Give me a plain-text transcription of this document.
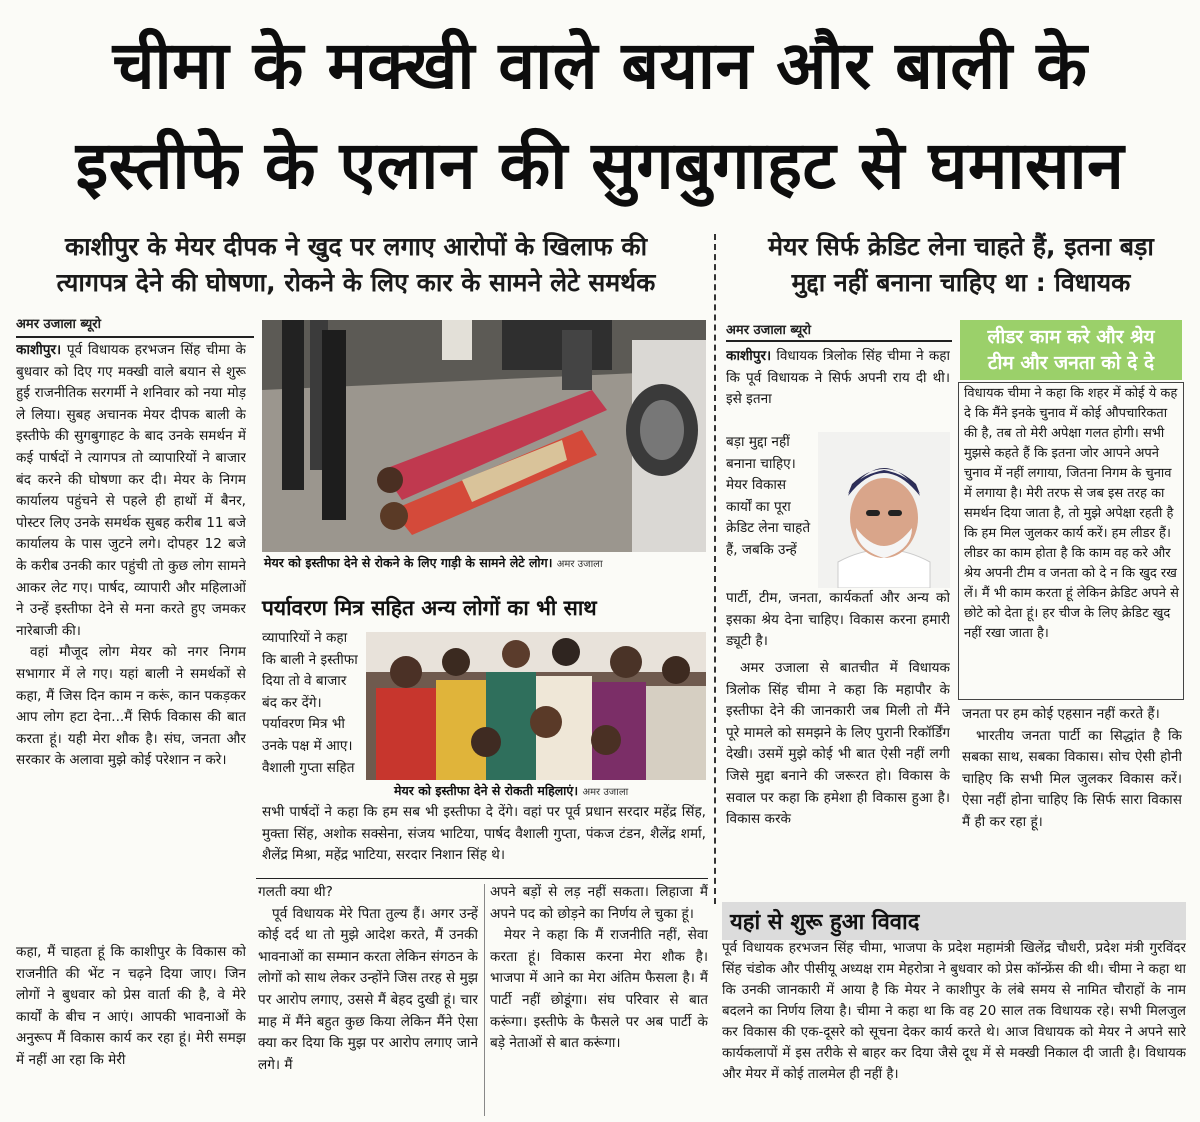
चीमा के मक्खी वाले बयान और बाली के
इस्तीफे के एलान की सुगबुगाहट से घमासान
काशीपुर के मेयर दीपक ने खुद पर लगाए आरोपों के खिलाफ की
त्यागपत्र देने की घोषणा, रोकने के लिए कार के सामने लेटे समर्थक
मेयर सिर्फ क्रेडिट लेना चाहते हैं, इतना बड़ा
मुद्दा नहीं बनाना चाहिए था : विधायक
अमर उजाला ब्यूरो

काशीपुर। पूर्व विधायक हरभजन सिंह चीमा के बुधवार को दिए गए मक्खी वाले बयान से शुरू हुई राजनीतिक सरगर्मी ने शनिवार को नया मोड़ ले लिया। सुबह अचानक मेयर दीपक बाली के इस्तीफे की सुगबुगाहट के बाद उनके समर्थन में कई पार्षदों ने त्यागपत्र तो व्यापारियों ने बाजार बंद करने की घोषणा कर दी। मेयर के निगम कार्यालय पहुंचने से पहले ही हाथों में बैनर, पोस्टर लिए उनके समर्थक सुबह करीब 11 बजे कार्यालय के पास जुटने लगे। दोपहर 12 बजे के करीब उनकी कार पहुंची तो कुछ लोग सामने आकर लेट गए। पार्षद, व्यापारी और महिलाओं ने उन्हें इस्तीफा देने से मना करते हुए जमकर नारेबाजी की।

वहां मौजूद लोग मेयर को नगर निगम सभागार में ले गए। यहां बाली ने समर्थकों से कहा, मैं जिस दिन काम न करूं, कान पकड़कर आप लोग हटा देना...मैं सिर्फ विकास की बात करता हूं। यही मेरा शौक है। संघ, जनता और सरकार के अलावा मुझे कोई परेशान न करे।

कहा, मैं चाहता हूं कि काशीपुर के विकास को राजनीति की भेंट न चढ़ने दिया जाए। जिन लोगों ने बुधवार को प्रेस वार्ता की है, वे मेरे कार्यों के बीच न आएं। आपकी भावनाओं के अनुरूप मैं विकास कार्य कर रहा हूं। मेरी समझ में नहीं आ रहा कि मेरी

मेयर को इस्तीफा देने से रोकने के लिए गाड़ी के सामने लेटे लोग। अमर उजाला
पर्यावरण मित्र सहित अन्य लोगों का भी साथ

व्यापारियों ने कहा कि बाली ने इस्तीफा दिया तो वे बाजार बंद कर देंगे। पर्यावरण मित्र भी उनके पक्ष में आए। वैशाली गुप्ता सहित

मेयर को इस्तीफा देने से रोकती महिलाएं। अमर उजाला

सभी पार्षदों ने कहा कि हम सब भी इस्तीफा दे देंगे। वहां पर पूर्व प्रधान सरदार महेंद्र सिंह, मुक्ता सिंह, अशोक सक्सेना, संजय भाटिया, पार्षद वैशाली गुप्ता, पंकज टंडन, शैलेंद्र शर्मा, शैलेंद्र मिश्रा, महेंद्र भाटिया, सरदार निशान सिंह थे।

गलती क्या थी?

पूर्व विधायक मेरे पिता तुल्य हैं। अगर उन्हें कोई दर्द था तो मुझे आदेश करते, मैं उनकी भावनाओं का सम्मान करता लेकिन संगठन के लोगों को साथ लेकर उन्होंने जिस तरह से मुझ पर आरोप लगाए, उससे मैं बेहद दुखी हूं। चार माह में मैंने बहुत कुछ किया लेकिन मैंने ऐसा क्या कर दिया कि मुझ पर आरोप लगाए जाने लगे। मैं

अपने बड़ों से लड़ नहीं सकता। लिहाजा मैं अपने पद को छोड़ने का निर्णय ले चुका हूं।

मेयर ने कहा कि मैं राजनीति नहीं, सेवा करता हूं। विकास करना मेरा शौक है। भाजपा में आने का मेरा अंतिम फैसला है। मैं पार्टी नहीं छोडूंगा। संघ परिवार से बात करूंगा। इस्तीफे के फैसले पर अब पार्टी के बड़े नेताओं से बात करूंगा।

अमर उजाला ब्यूरो

काशीपुर। विधायक त्रिलोक सिंह चीमा ने कहा कि पूर्व विधायक ने सिर्फ अपनी राय दी थी। इसे इतना

बड़ा मुद्दा नहीं बनाना चाहिए। मेयर विकास कार्यों का पूरा क्रेडिट लेना चाहते हैं, जबकि उन्हें

पार्टी, टीम, जनता, कार्यकर्ता और अन्य को इसका श्रेय देना चाहिए। विकास करना हमारी ड्यूटी है।

अमर उजाला से बातचीत में विधायक त्रिलोक सिंह चीमा ने कहा कि महापौर के इस्तीफा देने की जानकारी जब मिली तो मैंने पूरे मामले को समझने के लिए पुरानी रिकॉर्डिंग देखी। उसमें मुझे कोई भी बात ऐसी नहीं लगी जिसे मुद्दा बनाने की जरूरत हो। विकास के सवाल पर कहा कि हमेशा ही विकास हुआ है। विकास करके

लीडर काम करे और श्रेय
टीम और जनता को दे दे

विधायक चीमा ने कहा कि शहर में कोई ये कह दे कि मैंने इनके चुनाव में कोई औपचारिकता की है, तब तो मेरी अपेक्षा गलत होगी। सभी मुझसे कहते हैं कि इतना जोर आपने अपने चुनाव में नहीं लगाया, जितना निगम के चुनाव में लगाया है। मेरी तरफ से जब इस तरह का समर्थन दिया जाता है, तो मुझे अपेक्षा रहती है कि हम मिल जुलकर कार्य करें। हम लीडर हैं। लीडर का काम होता है कि काम वह करे और श्रेय अपनी टीम व जनता को दे न कि खुद रख लें। मैं भी काम करता हूं लेकिन क्रेडिट अपने से छोटे को देता हूं। हर चीज के लिए क्रेडिट खुद नहीं रखा जाता है।

जनता पर हम कोई एहसान नहीं करते हैं।

भारतीय जनता पार्टी का सिद्धांत है कि सबका साथ, सबका विकास। सोच ऐसी होनी चाहिए कि सभी मिल जुलकर विकास करें। ऐसा नहीं होना चाहिए कि सिर्फ सारा विकास मैं ही कर रहा हूं।

यहां से शुरू हुआ विवाद

पूर्व विधायक हरभजन सिंह चीमा, भाजपा के प्रदेश महामंत्री खिलेंद्र चौधरी, प्रदेश मंत्री गुरविंदर सिंह चंडोक और पीसीयू अध्यक्ष राम मेहरोत्रा ने बुधवार को प्रेस कॉन्फ्रेंस की थी। चीमा ने कहा था कि उनकी जानकारी में आया है कि मेयर ने काशीपुर के लंबे समय से नामित चौराहों के नाम बदलने का निर्णय लिया है। चीमा ने कहा था कि वह 20 साल तक विधायक रहे। सभी मिलजुल कर विकास की एक-दूसरे को सूचना देकर कार्य करते थे। आज विधायक को मेयर ने अपने सारे कार्यकलापों में इस तरीके से बाहर कर दिया जैसे दूध में से मक्खी निकाल दी जाती है। विधायक और मेयर में कोई तालमेल ही नहीं है।
